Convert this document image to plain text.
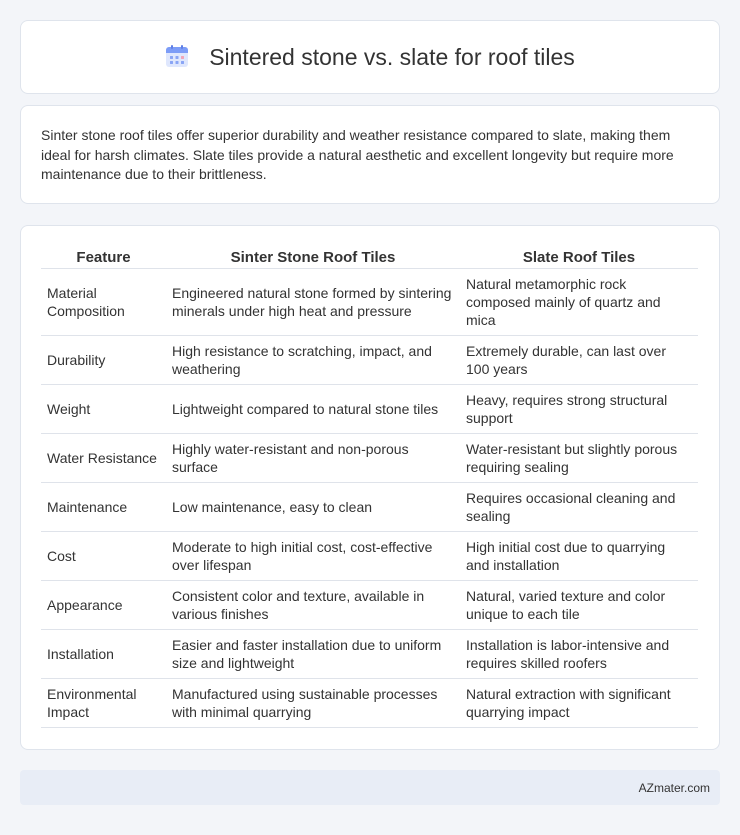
Sintered stone vs. slate for roof tiles

Sinter stone roof tiles offer superior durability and weather resistance compared to slate, making them ideal for harsh climates. Slate tiles provide a natural aesthetic and excellent longevity but require more maintenance due to their brittleness.

Feature	Sinter Stone Roof Tiles	Slate Roof Tiles
Material Composition	Engineered natural stone formed by sintering minerals under high heat and pressure	Natural metamorphic rock composed mainly of quartz and mica
Durability	High resistance to scratching, impact, and weathering	Extremely durable, can last over 100 years
Weight	Lightweight compared to natural stone tiles	Heavy, requires strong structural support
Water Resistance	Highly water-resistant and non-porous surface	Water-resistant but slightly porous requiring sealing
Maintenance	Low maintenance, easy to clean	Requires occasional cleaning and sealing
Cost	Moderate to high initial cost, cost-effective over lifespan	High initial cost due to quarrying and installation
Appearance	Consistent color and texture, available in various finishes	Natural, varied texture and color unique to each tile
Installation	Easier and faster installation due to uniform size and lightweight	Installation is labor-intensive and requires skilled roofers
Environmental Impact	Manufactured using sustainable processes with minimal quarrying	Natural extraction with significant quarrying impact
AZmater.com
